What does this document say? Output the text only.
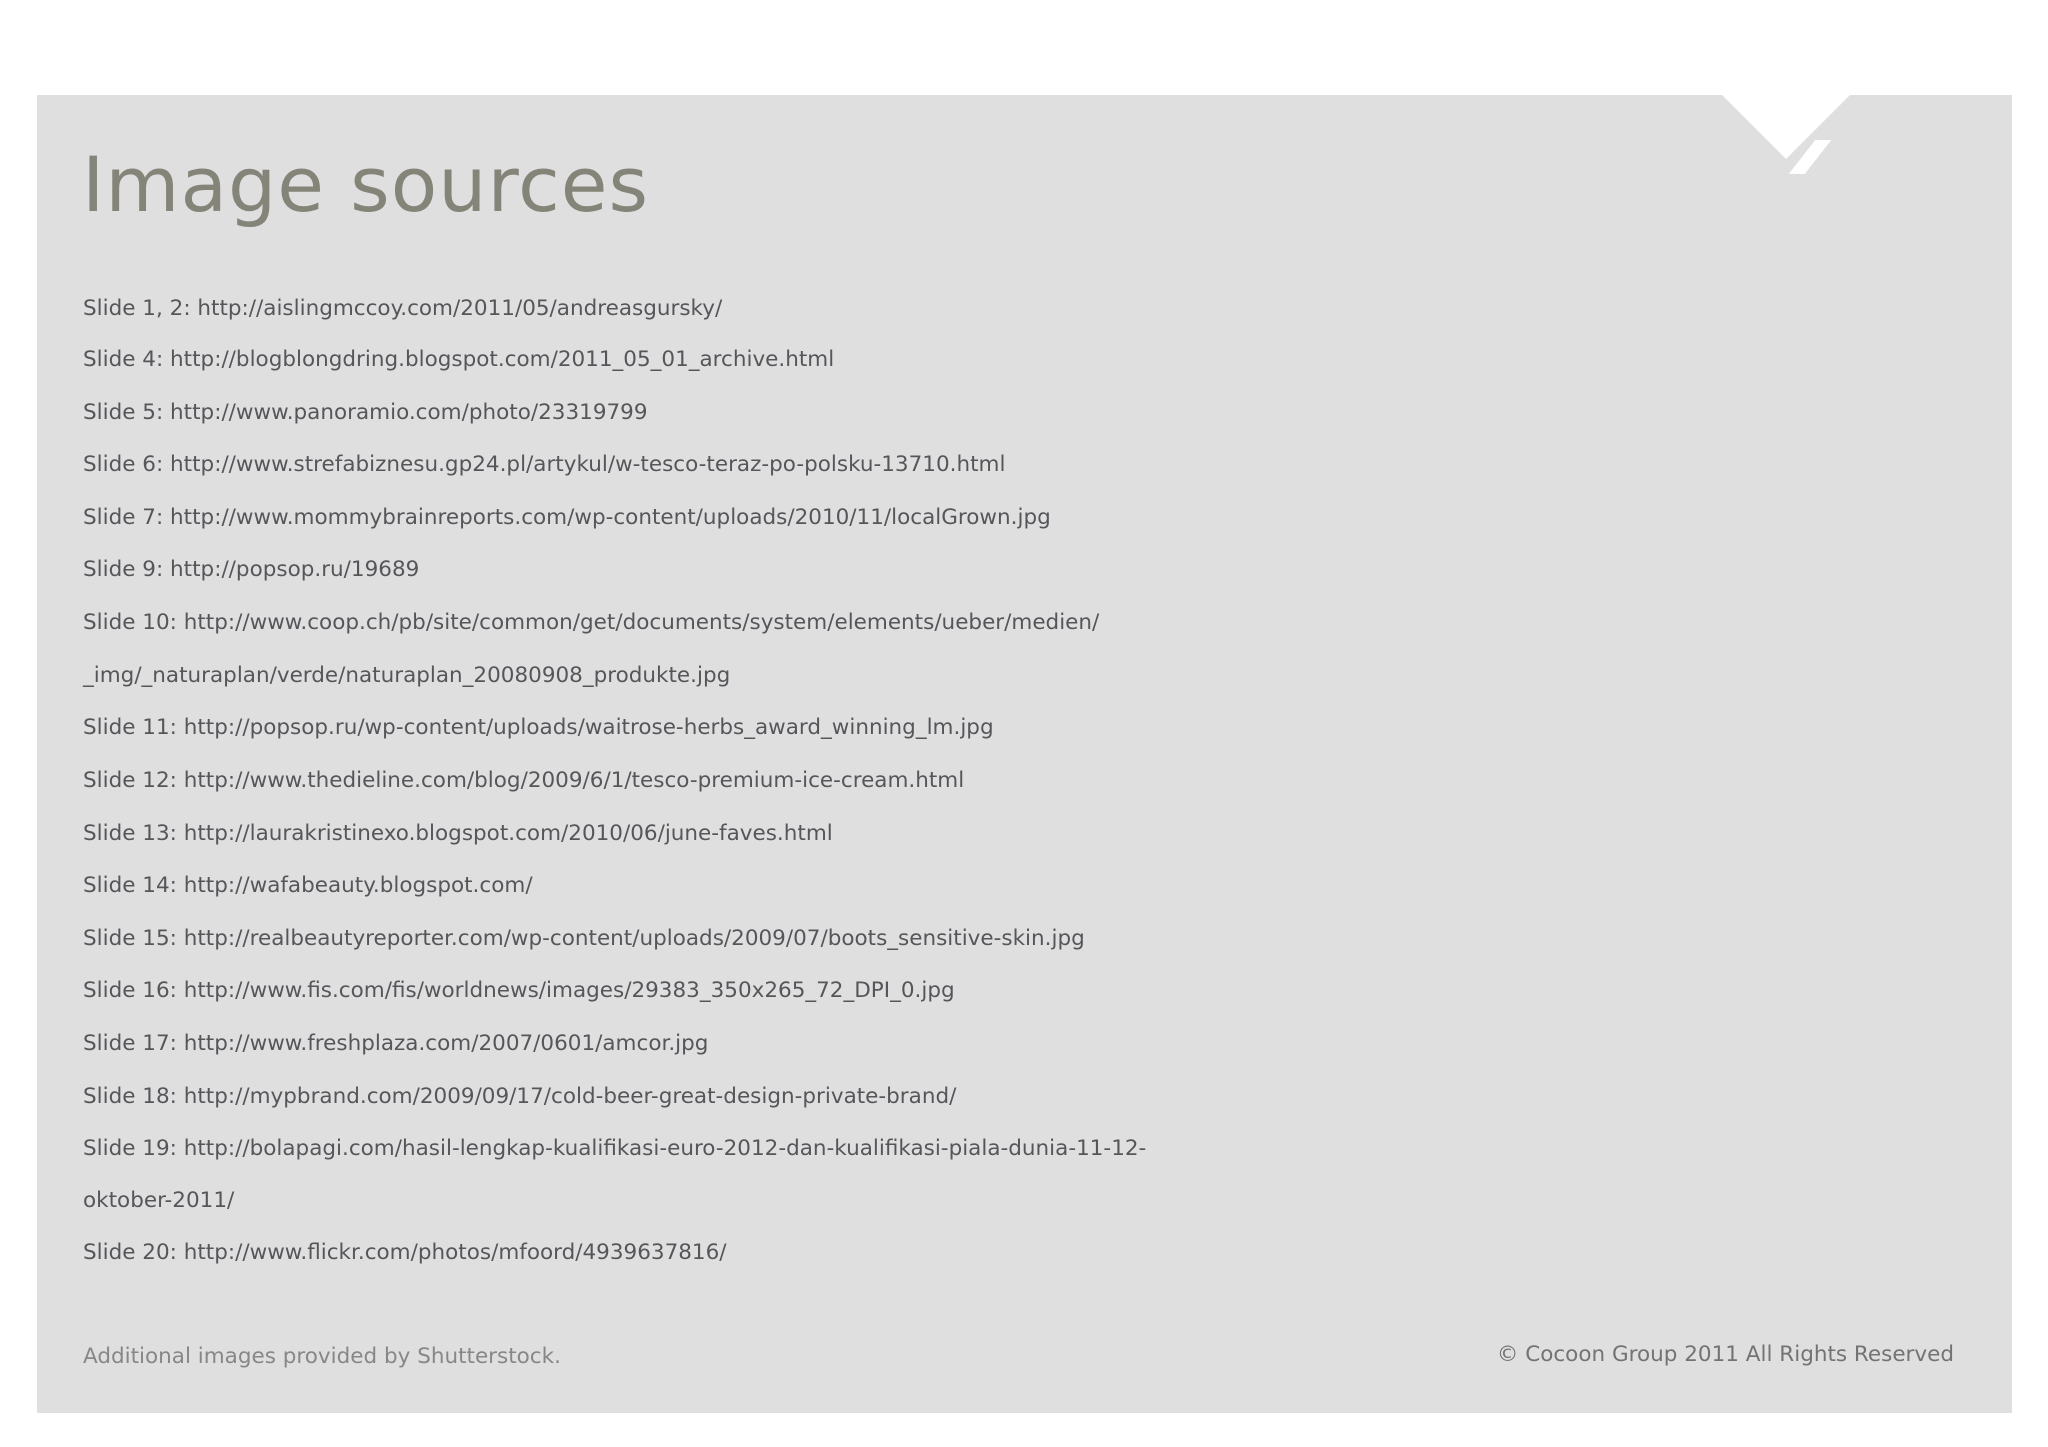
Image sources
Slide 1, 2: http://aislingmccoy.com/2011/05/andreasgursky/
Slide 4: http://blogblongdring.blogspot.com/2011_05_01_archive.html
Slide 5: http://www.panoramio.com/photo/23319799
Slide 6: http://www.strefabiznesu.gp24.pl/artykul/w-tesco-teraz-po-polsku-13710.html
Slide 7: http://www.mommybrainreports.com/wp-content/uploads/2010/11/localGrown.jpg
Slide 9: http://popsop.ru/19689
Slide 10: http://www.coop.ch/pb/site/common/get/documents/system/elements/ueber/medien/
_img/_naturaplan/verde/naturaplan_20080908_produkte.jpg
Slide 11: http://popsop.ru/wp-content/uploads/waitrose-herbs_award_winning_lm.jpg
Slide 12: http://www.thedieline.com/blog/2009/6/1/tesco-premium-ice-cream.html
Slide 13: http://laurakristinexo.blogspot.com/2010/06/june-faves.html
Slide 14: http://wafabeauty.blogspot.com/
Slide 15: http://realbeautyreporter.com/wp-content/uploads/2009/07/boots_sensitive-skin.jpg
Slide 16: http://www.fis.com/fis/worldnews/images/29383_350x265_72_DPI_0.jpg
Slide 17: http://www.freshplaza.com/2007/0601/amcor.jpg
Slide 18: http://mypbrand.com/2009/09/17/cold-beer-great-design-private-brand/
Slide 19: http://bolapagi.com/hasil-lengkap-kualifikasi-euro-2012-dan-kualifikasi-piala-dunia-11-12-
oktober-2011/
Slide 20: http://www.flickr.com/photos/mfoord/4939637816/
Additional images provided by Shutterstock.	© Cocoon Group 2011 All Rights Reserved
